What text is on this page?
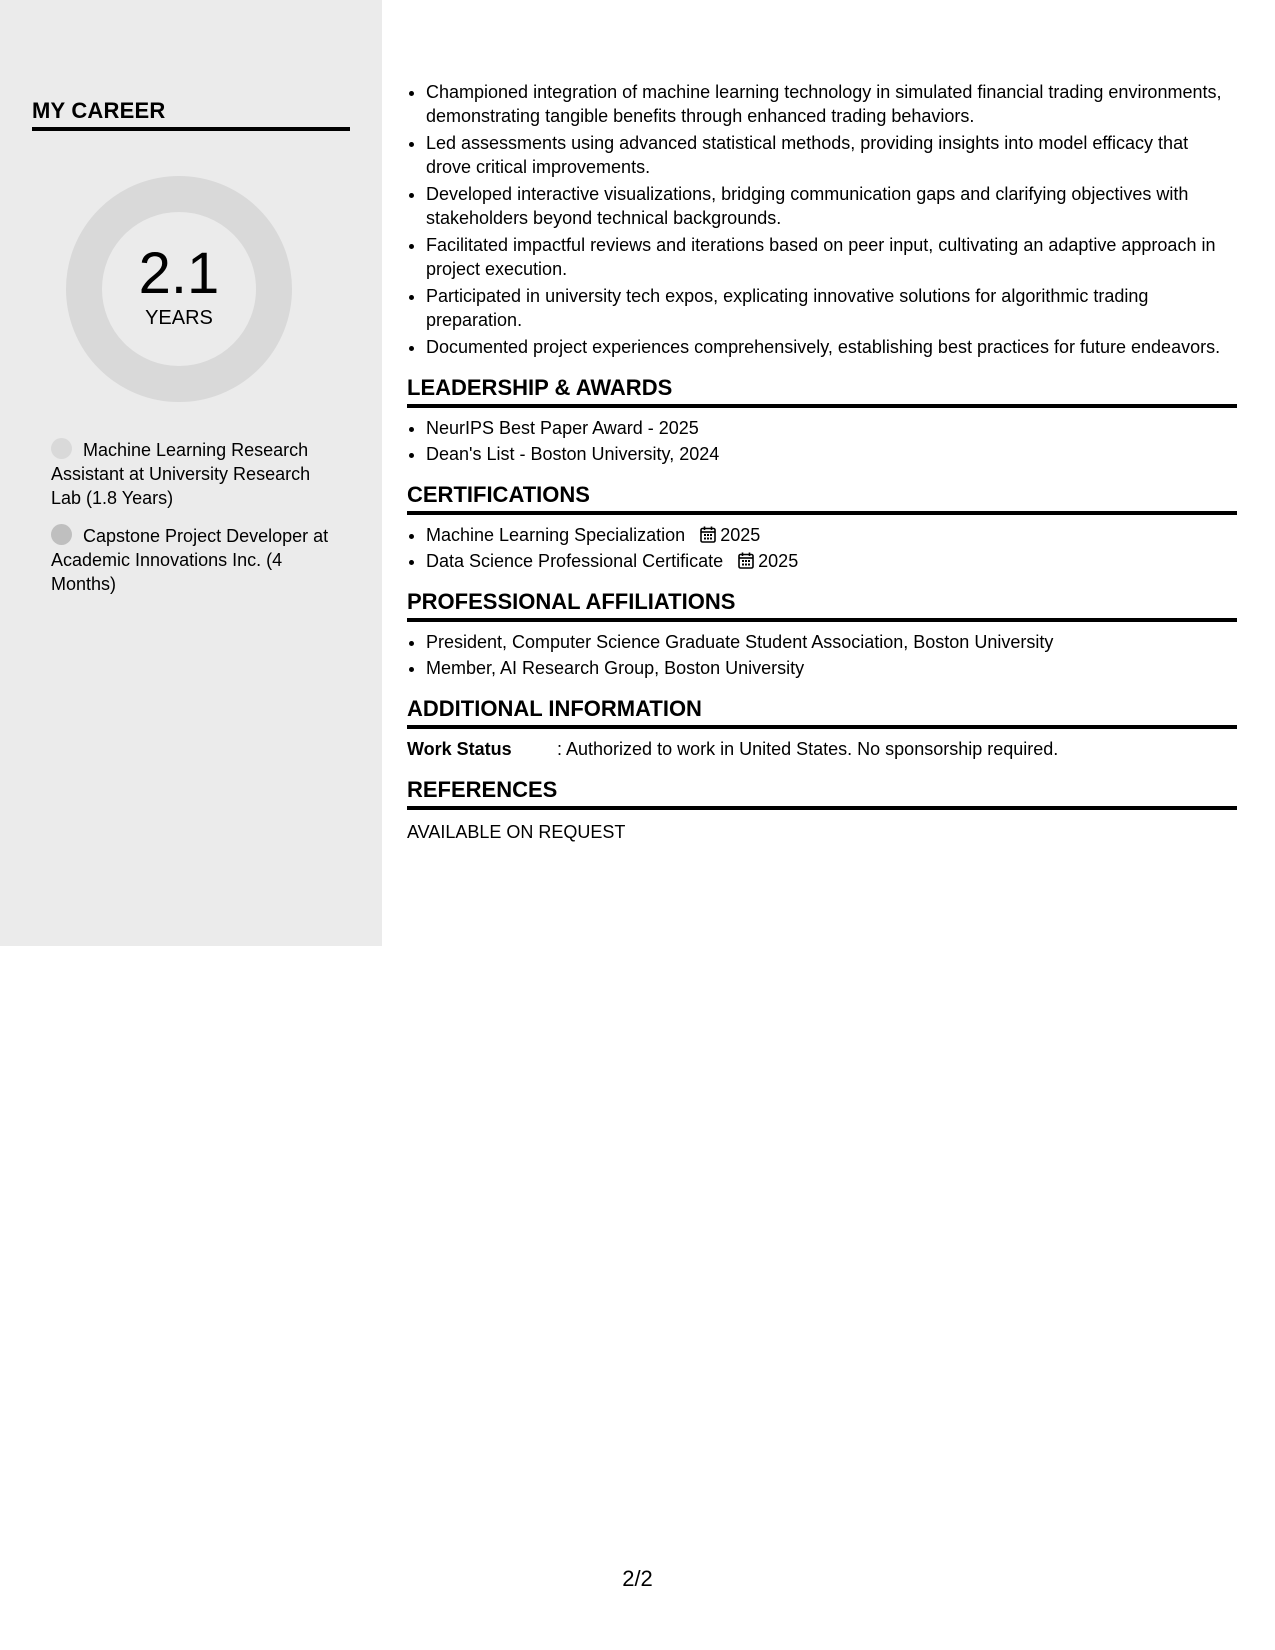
MY CAREER
2.1
YEARS
Machine Learning Research Assistant at University Research Lab (1.8 Years)
Capstone Project Developer at Academic Innovations Inc. (4 Months)
• Championed integration of machine learning technology in simulated financial trading environments, demonstrating tangible benefits through enhanced trading behaviors.
• Led assessments using advanced statistical methods, providing insights into model efficacy that drove critical improvements.
• Developed interactive visualizations, bridging communication gaps and clarifying objectives with stakeholders beyond technical backgrounds.
• Facilitated impactful reviews and iterations based on peer input, cultivating an adaptive approach in project execution.
• Participated in university tech expos, explicating innovative solutions for algorithmic trading preparation.
• Documented project experiences comprehensively, establishing best practices for future endeavors.
LEADERSHIP & AWARDS
• NeurIPS Best Paper Award - 2025
• Dean's List - Boston University, 2024
CERTIFICATIONS
• Machine Learning Specialization 2025
• Data Science Professional Certificate 2025
PROFESSIONAL AFFILIATIONS
• President, Computer Science Graduate Student Association, Boston University
• Member, AI Research Group, Boston University
ADDITIONAL INFORMATION
Work Status	: Authorized to work in United States. No sponsorship required.
REFERENCES
AVAILABLE ON REQUEST
2/2
